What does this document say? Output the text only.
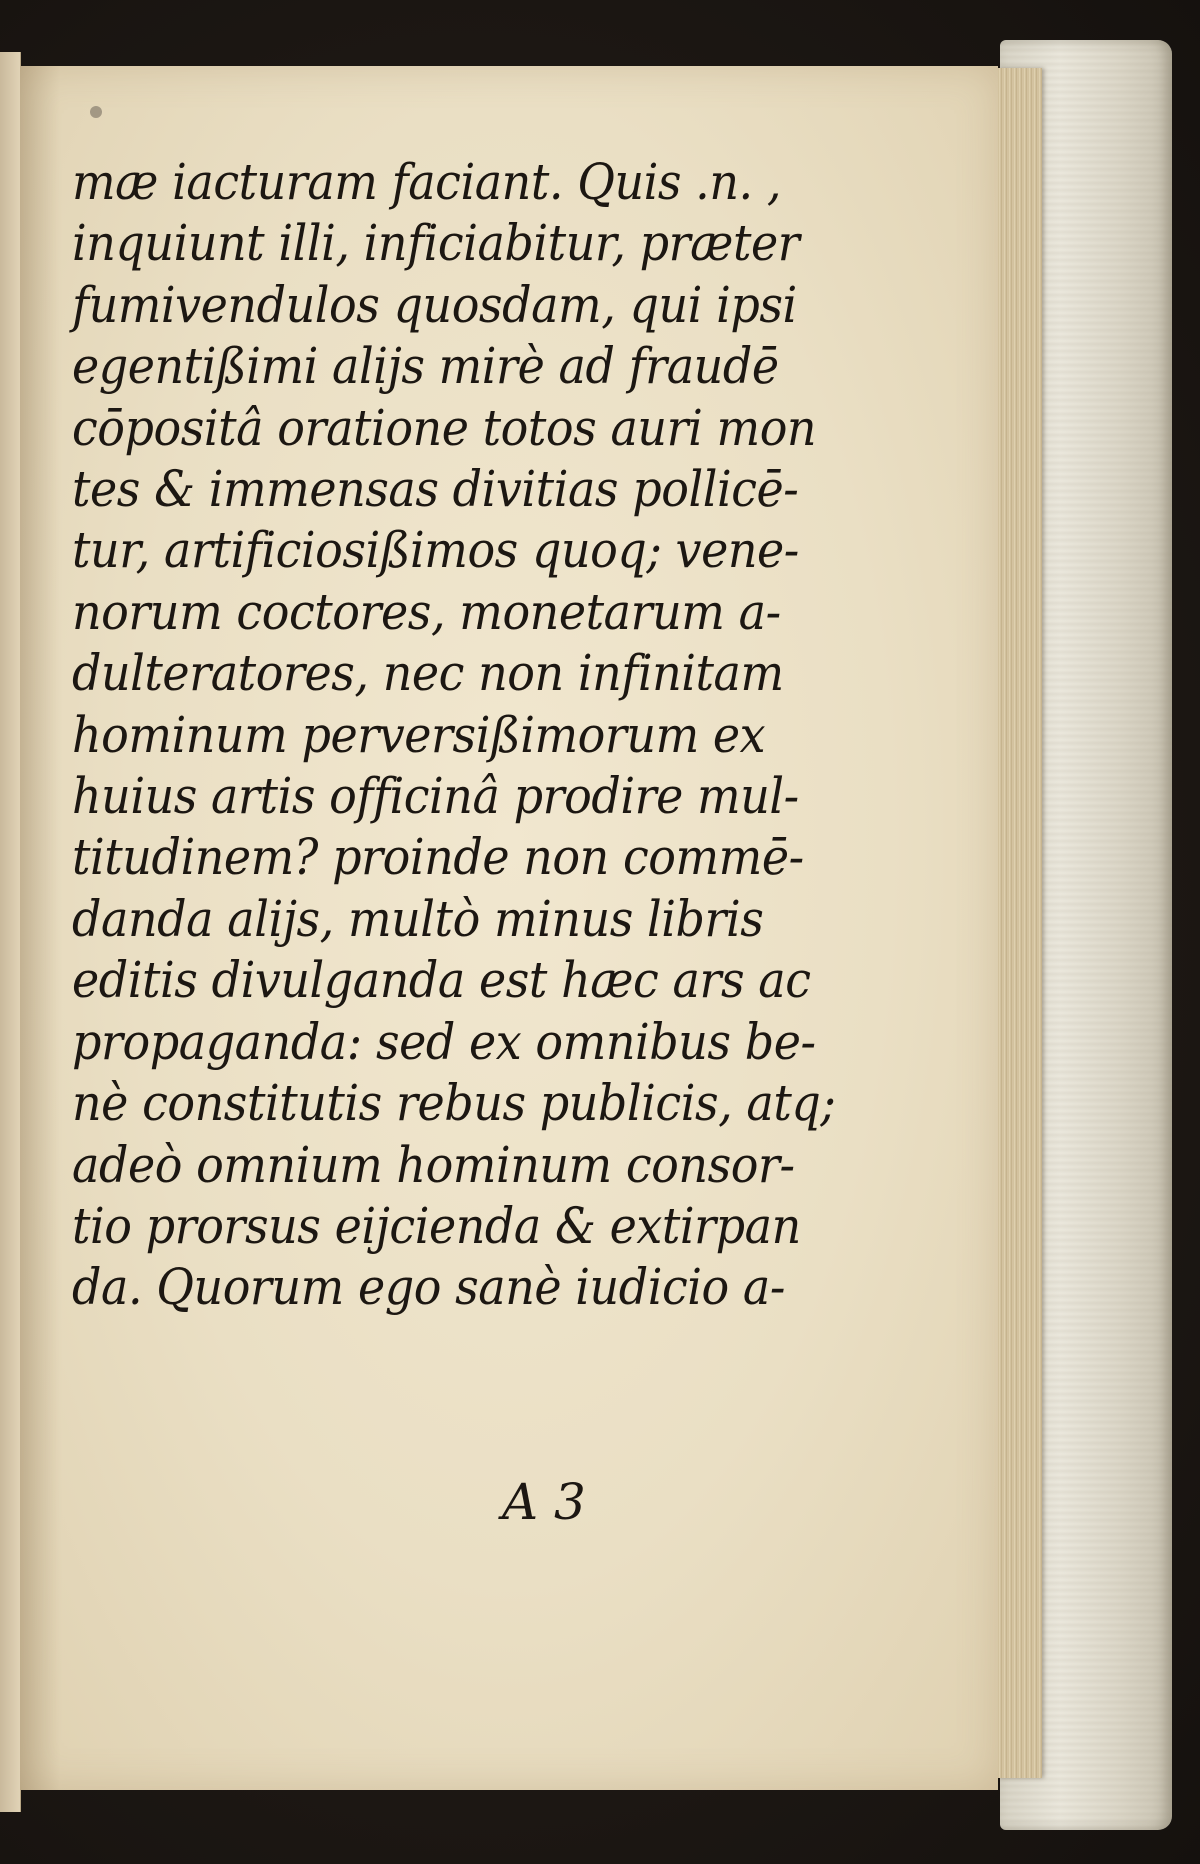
mæ iacturam faciant. Quis .n. ,
inquiunt illi, inficiabitur, præter
fumivendulos quosdam, qui ipsi
egentißimi alijs mirè ad fraudē
cōpositâ oratione totos auri mon
tes & immensas divitias pollicē-
tur, artificiosißimos quoq; vene-
norum coctores, monetarum a-
dulteratores, nec non infinitam
hominum perversißimorum ex
huius artis officinâ prodire mul-
titudinem? proinde non commē-
danda alijs, multò minus libris
editis divulganda est hæc ars ac
propaganda: sed ex omnibus be-
nè constitutis rebus publicis, atq;
adeò omnium hominum consor-
tio prorsus eijcienda & extirpan
da. Quorum ego sanè iudicio a-
A 3
